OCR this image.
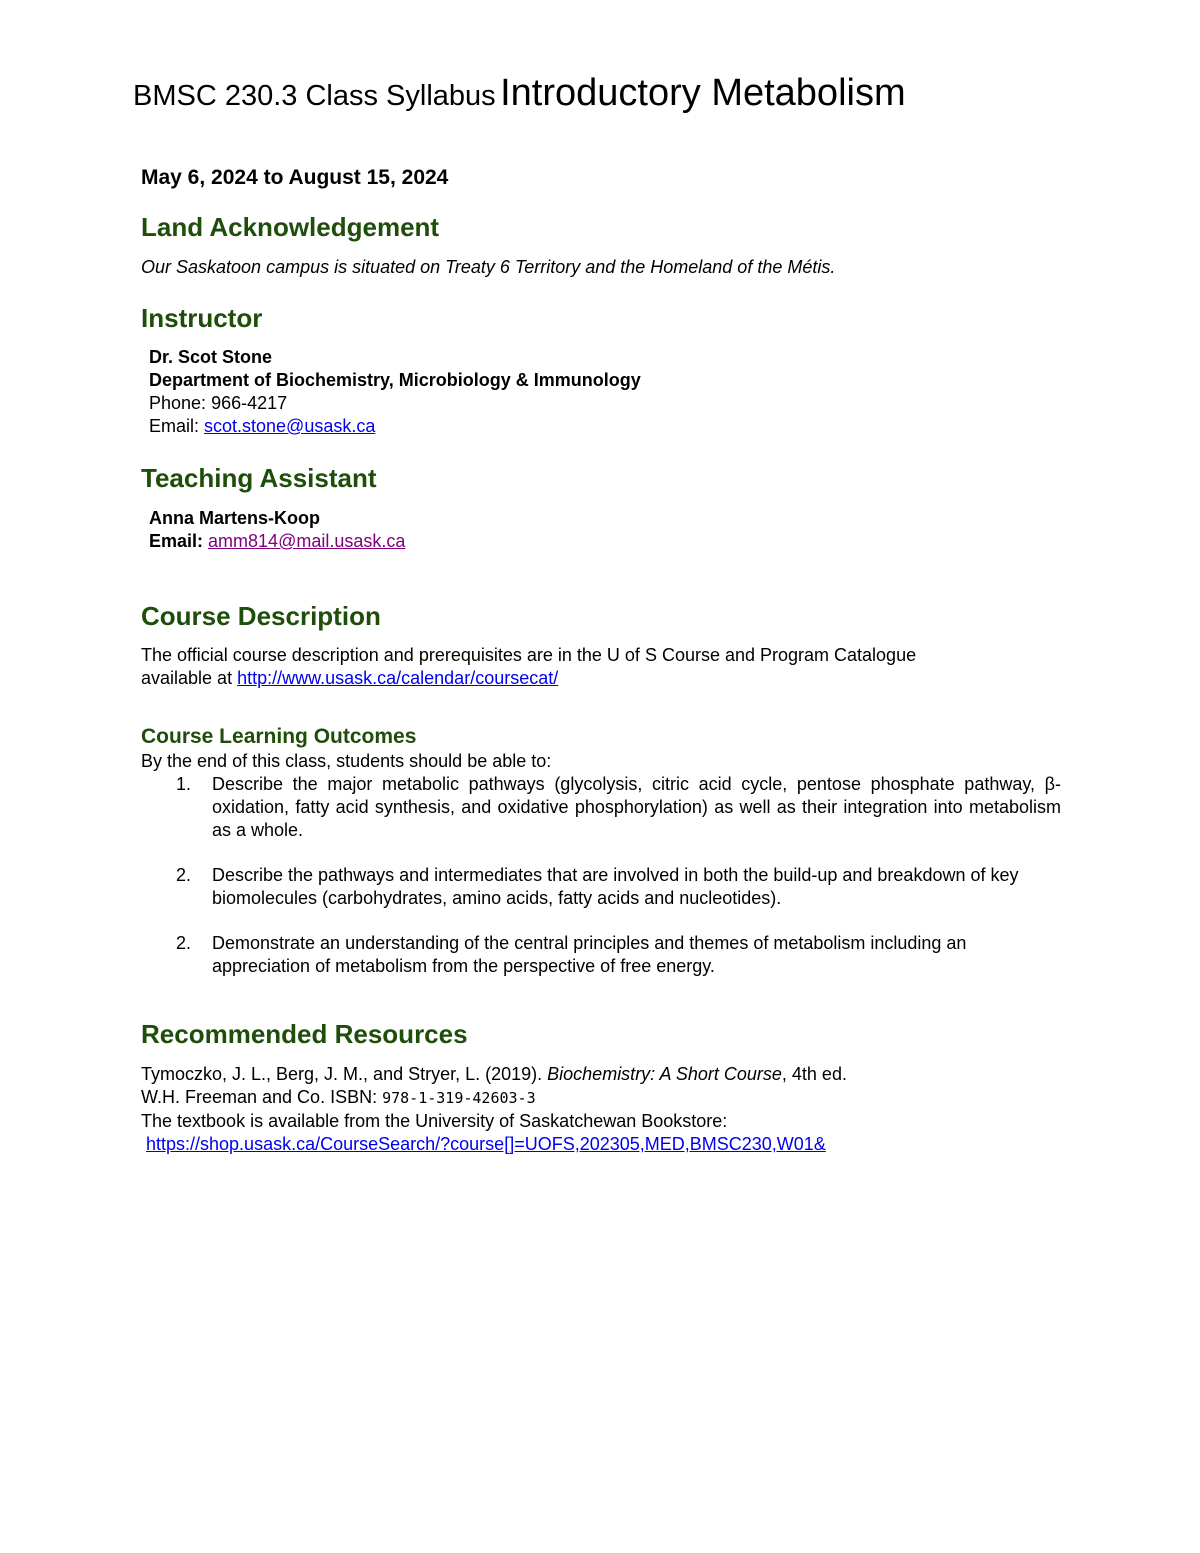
BMSC 230.3 Class Syllabus Introductory Metabolism
May 6, 2024 to August 15, 2024
Land Acknowledgement
Our Saskatoon campus is situated on Treaty 6 Territory and the Homeland of the Métis.
Instructor
Dr. Scot Stone
Department of Biochemistry, Microbiology & Immunology
Phone: 966-4217
Email: scot.stone@usask.ca
Teaching Assistant
Anna Martens-Koop
Email: amm814@mail.usask.ca
Course Description
The official course description and prerequisites are in the U of S Course and Program Catalogue
available at http://www.usask.ca/calendar/coursecat/
Course Learning Outcomes
By the end of this class, students should be able to:
1. Describe the major metabolic pathways (glycolysis, citric acid cycle, pentose phosphate pathway, β-oxidation, fatty acid synthesis, and oxidative phosphorylation) as well as their integration into metabolism as a whole.
2. Describe the pathways and intermediates that are involved in both the build-up and breakdown of key biomolecules (carbohydrates, amino acids, fatty acids and nucleotides).
2. Demonstrate an understanding of the central principles and themes of metabolism including an appreciation of metabolism from the perspective of free energy.
Recommended Resources
Tymoczko, J. L., Berg, J. M., and Stryer, L. (2019). Biochemistry: A Short Course, 4th ed.
W.H. Freeman and Co. ISBN: 978-1-319-42603-3
The textbook is available from the University of Saskatchewan Bookstore:
https://shop.usask.ca/CourseSearch/?course[]=UOFS,202305,MED,BMSC230,W01&
